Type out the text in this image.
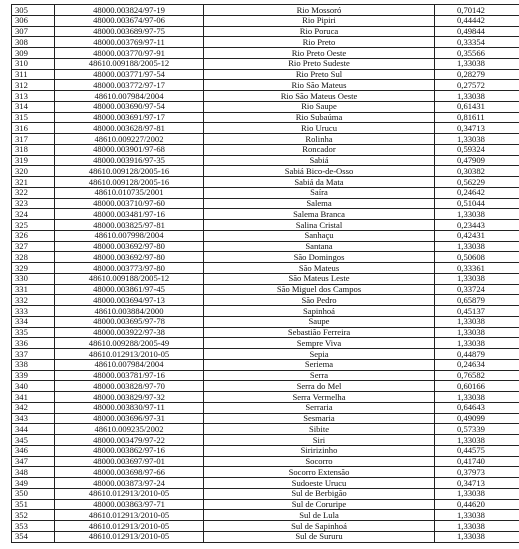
305	48000.003824/97-19	Rio Mossoró	0,70142
306	48000.003674/97-06	Rio Pipiri	0,44442
307	48000.003689/97-75	Rio Poruca	0,49844
308	48000.003769/97-11	Rio Preto	0,33354
309	48000.003770/97-91	Rio Preto Oeste	0,35566
310	48610.009188/2005-12	Rio Preto Sudeste	1,33038
311	48000.003771/97-54	Rio Preto Sul	0,28279
312	48000.003772/97-17	Rio São Mateus	0,27572
313	48610.007984/2004	Rio São Mateus Oeste	1,33038
314	48000.003690/97-54	Rio Saupe	0,61431
315	48000.003691/97-17	Rio Subaúma	0,81611
316	48000.003628/97-81	Rio Urucu	0,34713
317	48610.009227/2002	Rolinha	1,33038
318	48000.003901/97-68	Roncador	0,59324
319	48000.003916/97-35	Sabiá	0,47909
320	48610.009128/2005-16	Sabiá Bico-de-Osso	0,30382
321	48610.009128/2005-16	Sabiá da Mata	0,56229
322	48610.010735/2001	Saíra	0,24642
323	48000.003710/97-60	Salema	0,51044
324	48000.003481/97-16	Salema Branca	1,33038
325	48000.003825/97-81	Salina Cristal	0,23443
326	48610.007998/2004	Sanhaçu	0,42431
327	48000.003692/97-80	Santana	1,33038
328	48000.003692/97-80	São Domingos	0,50608
329	48000.003773/97-80	São Mateus	0,33361
330	48610.009188/2005-12	São Mateus Leste	1,33038
331	48000.003861/97-45	São Miguel dos Campos	0,33724
332	48000.003694/97-13	São Pedro	0,65879
333	48610.003884/2000	Sapinhoá	0,45137
334	48000.003695/97-78	Saupe	1,33038
335	48000.003922/97-38	Sebastião Ferreira	1,33038
336	48610.009288/2005-49	Sempre Viva	1,33038
337	48610.012913/2010-05	Sepia	0,44879
338	48610.007984/2004	Seriema	0,24634
339	48000.003781/97-16	Serra	0,76582
340	48000.003828/97-70	Serra do Mel	0,60166
341	48000.003829/97-32	Serra Vermelha	1,33038
342	48000.003830/97-11	Serraria	0,64643
343	48000.003696/97-31	Sesmaria	0,49099
344	48610.009235/2002	Sibite	0,57339
345	48000.003479/97-22	Siri	1,33038
346	48000.003862/97-16	Siririzinho	0,44575
347	48000.003697/97-01	Socorro	0,41740
348	48000.003698/97-66	Socorro Extensão	0,37973
349	48000.003873/97-24	Sudoeste Urucu	0,34713
350	48610.012913/2010-05	Sul de Berbigão	1,33038
351	48000.003863/97-71	Sul de Coruripe	0,44620
352	48610.012913/2010-05	Sul de Lula	1,33038
353	48610.012913/2010-05	Sul de Sapinhoá	1,33038
354	48610.012913/2010-05	Sul de Sururu	1,33038
